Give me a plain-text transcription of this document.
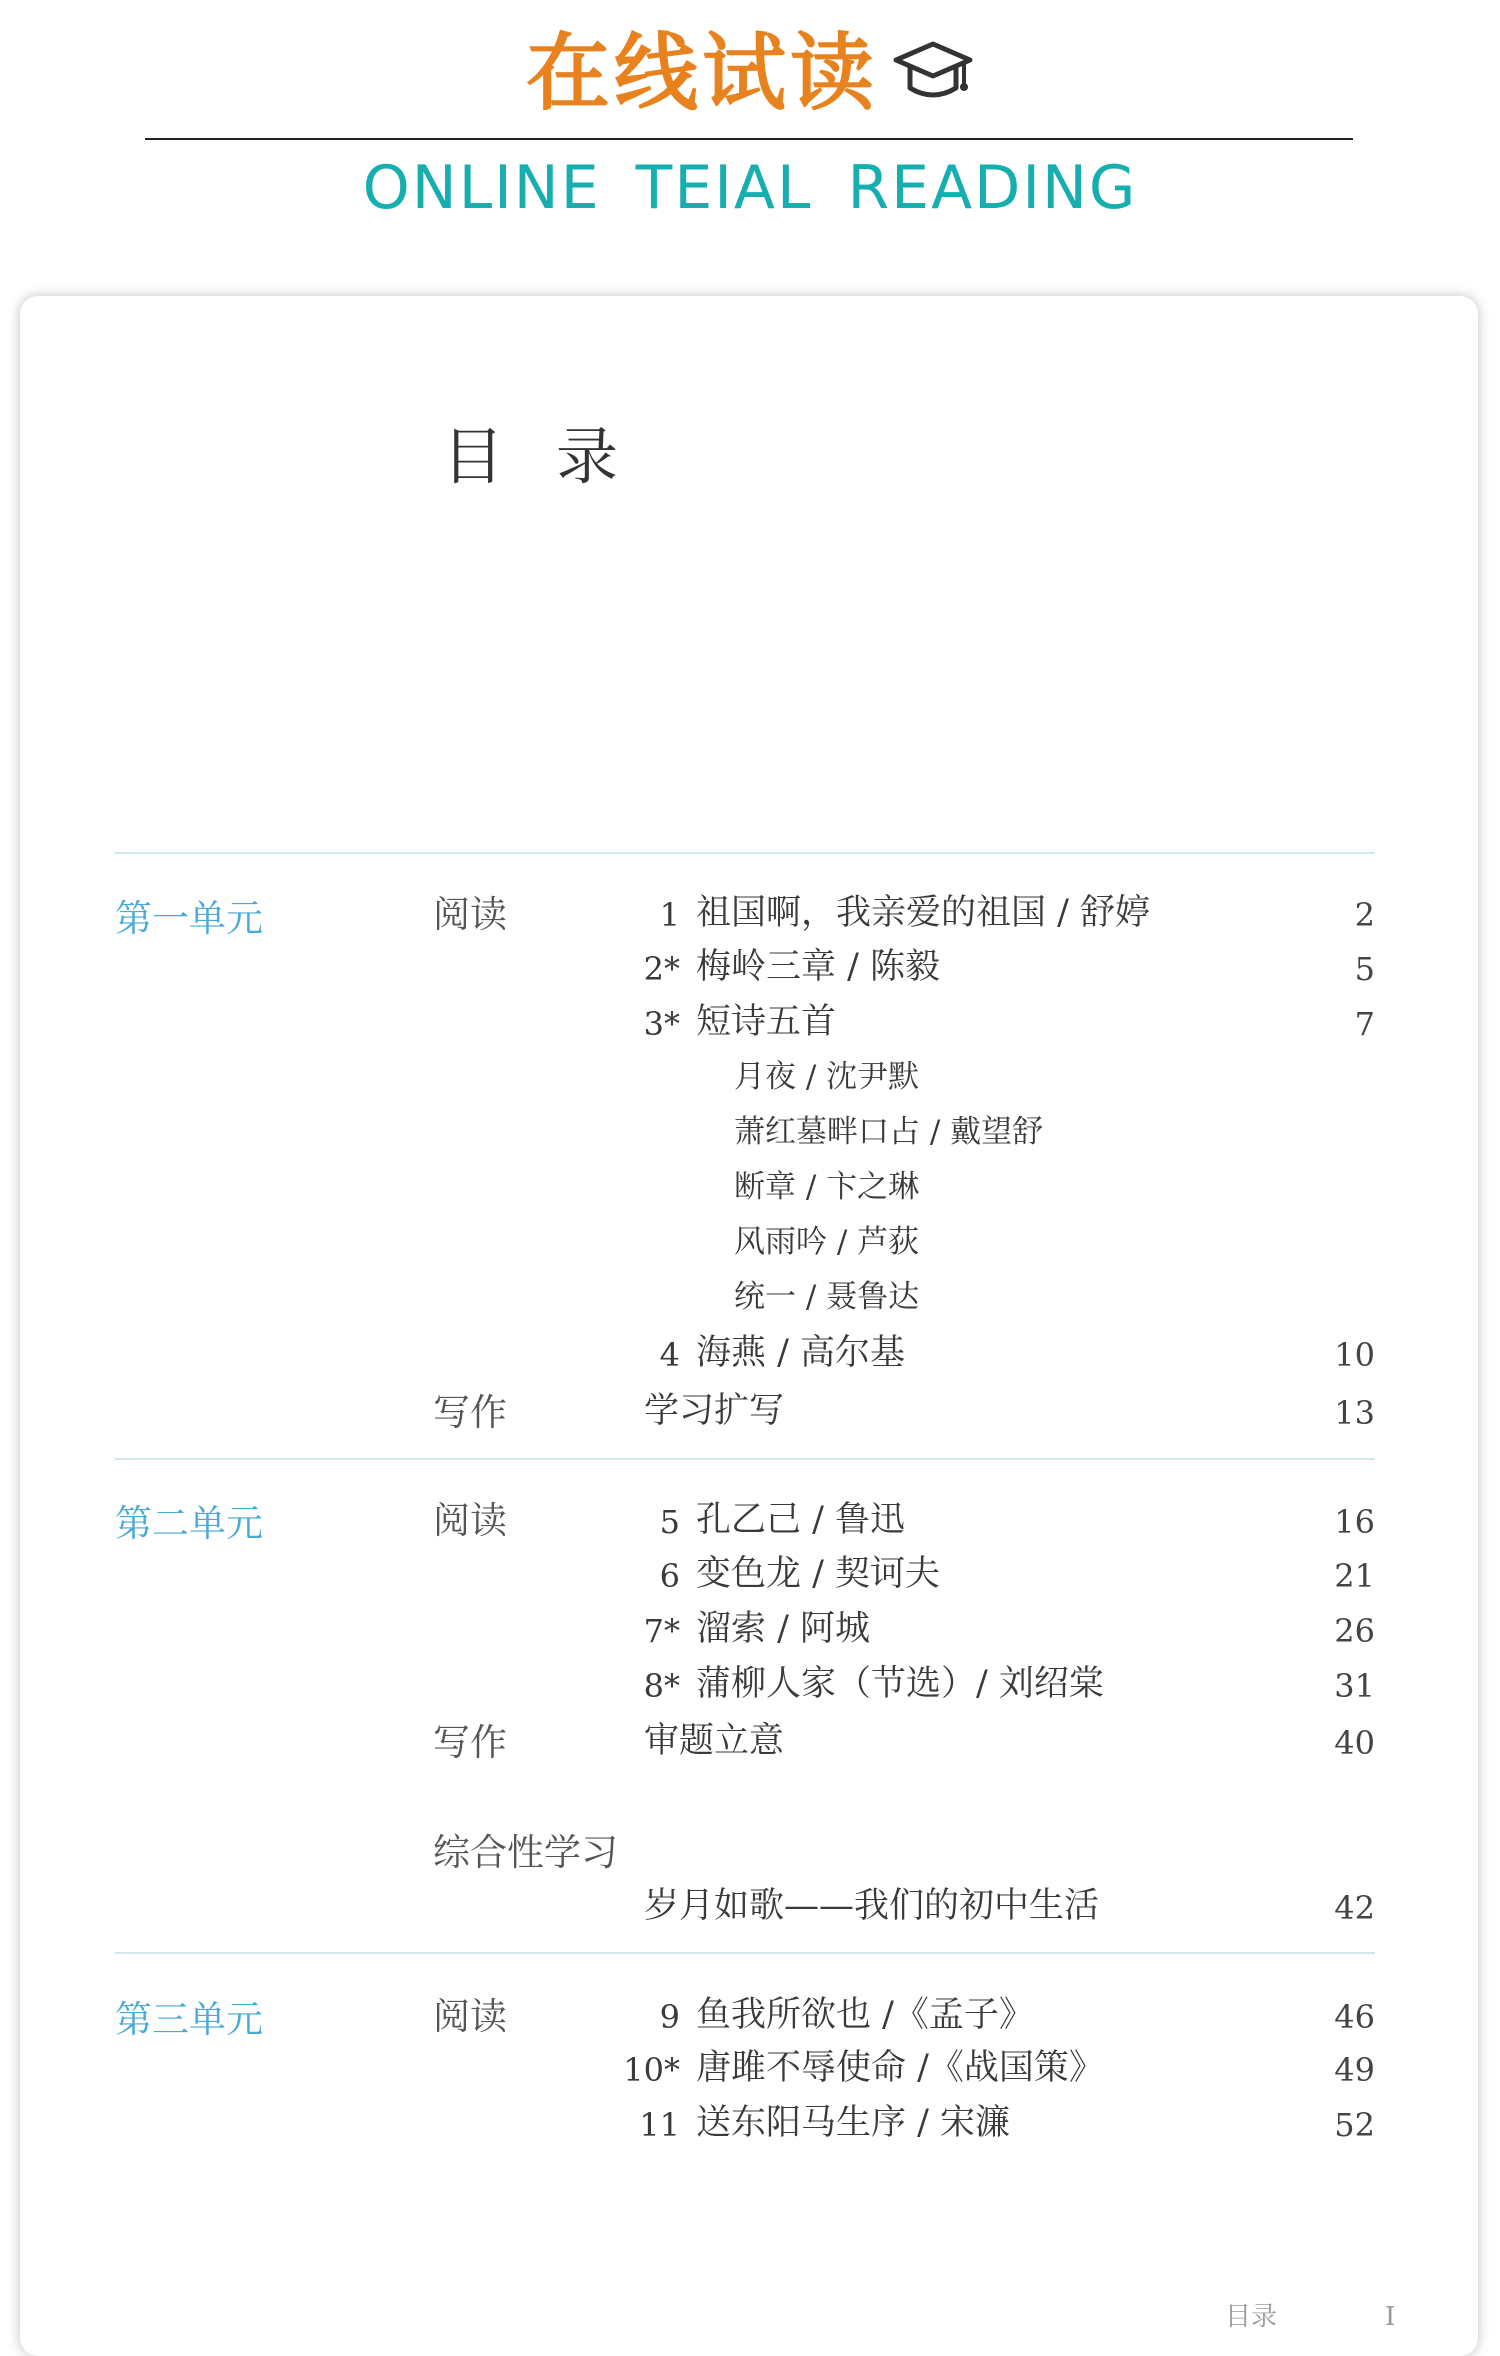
在线试读
ONLINE TEIAL READING
目录
第一单元	阅读	1 祖国啊，我亲爱的祖国 / 舒婷	2
2* 梅岭三章 / 陈毅	5
3* 短诗五首	7
月夜 / 沈尹默
萧红墓畔口占 / 戴望舒
断章 / 卞之琳
风雨吟 / 芦荻
统一 / 聂鲁达
4 海燕 / 高尔基	10
写作	学习扩写	13
第二单元	阅读	5 孔乙己 / 鲁迅	16
6 变色龙 / 契诃夫	21
7* 溜索 / 阿城	26
8* 蒲柳人家（节选）/ 刘绍棠	31
写作	审题立意	40
综合性学习
岁月如歌——我们的初中生活	42
第三单元	阅读	9 鱼我所欲也 /《孟子》	46
10* 唐雎不辱使命 /《战国策》	49
11 送东阳马生序 / 宋濂	52
目录	I
